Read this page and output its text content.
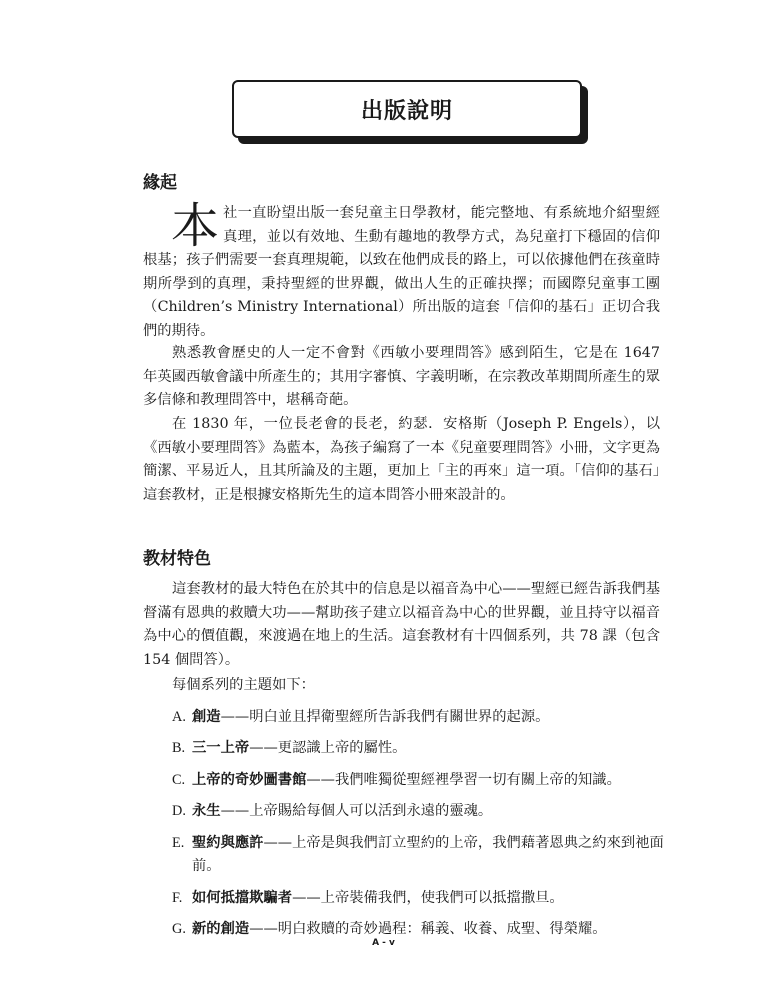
出版說明
緣起
本社一直盼望出版一套兒童主日學教材，能完整地、有系統地介紹聖經真理，並以有效地、生動有趣地的教學方式，為兒童打下穩固的信仰根基；孩子們需要一套真理規範，以致在他們成長的路上，可以依據他們在孩童時期所學到的真理，秉持聖經的世界觀，做出人生的正確抉擇；而國際兒童事工團（Children’s Ministry International）所出版的這套「信仰的基石」正切合我們的期待。
熟悉教會歷史的人一定不會對《西敏小要理問答》感到陌生，它是在 1647 年英國西敏會議中所產生的；其用字審慎、字義明晰，在宗教改革期間所產生的眾多信條和教理問答中，堪稱奇葩。
在 1830 年，一位長老會的長老，約瑟．安格斯（Joseph P. Engels），以《西敏小要理問答》為藍本，為孩子編寫了一本《兒童要理問答》小冊，文字更為簡潔、平易近人，且其所論及的主題，更加上「主的再來」這一項。「信仰的基石」這套教材，正是根據安格斯先生的這本問答小冊來設計的。
教材特色
這套教材的最大特色在於其中的信息是以福音為中心——聖經已經告訴我們基督滿有恩典的救贖大功——幫助孩子建立以福音為中心的世界觀，並且持守以福音為中心的價值觀，來渡過在地上的生活。這套教材有十四個系列，共 78 課（包含 154 個問答）。
每個系列的主題如下：
A. 創造——明白並且捍衛聖經所告訴我們有關世界的起源。
B. 三一上帝——更認識上帝的屬性。
C. 上帝的奇妙圖書館——我們唯獨從聖經裡學習一切有關上帝的知識。
D. 永生——上帝賜給每個人可以活到永遠的靈魂。
E. 聖約與應許——上帝是與我們訂立聖約的上帝，我們藉著恩典之約來到祂面前。
F. 如何抵擋欺騙者——上帝裝備我們，使我們可以抵擋撒旦。
G. 新的創造——明白救贖的奇妙過程：稱義、收養、成聖、得榮耀。
A - v
